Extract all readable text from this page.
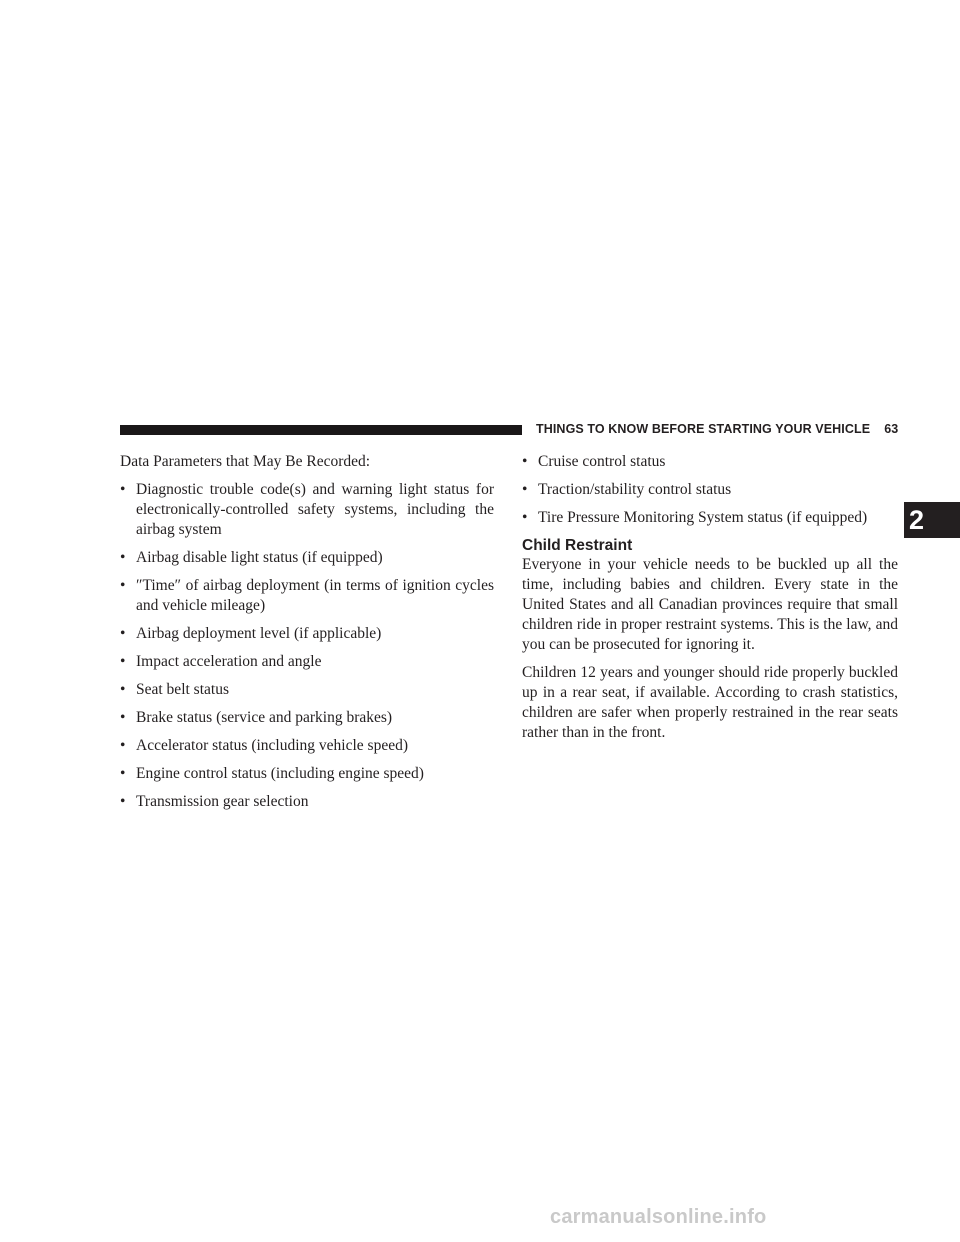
THINGS TO KNOW BEFORE STARTING YOUR VEHICLE 63
2
Data Parameters that May Be Recorded:
• Diagnostic trouble code(s) and warning light status for electronically-controlled safety systems, including the airbag system
• Airbag disable light status (if equipped)
• ″Time″ of airbag deployment (in terms of ignition cycles and vehicle mileage)
• Airbag deployment level (if applicable)
• Impact acceleration and angle
• Seat belt status
• Brake status (service and parking brakes)
• Accelerator status (including vehicle speed)
• Engine control status (including engine speed)
• Transmission gear selection
• Cruise control status
• Traction/stability control status
• Tire Pressure Monitoring System status (if equipped)
Child Restraint

Everyone in your vehicle needs to be buckled up all the time, including babies and children. Every state in the United States and all Canadian provinces require that small children ride in proper restraint systems. This is the law, and you can be prosecuted for ignoring it.

Children 12 years and younger should ride properly buckled up in a rear seat, if available. According to crash statistics, children are safer when properly restrained in the rear seats rather than in the front.

carmanualsonline.info
